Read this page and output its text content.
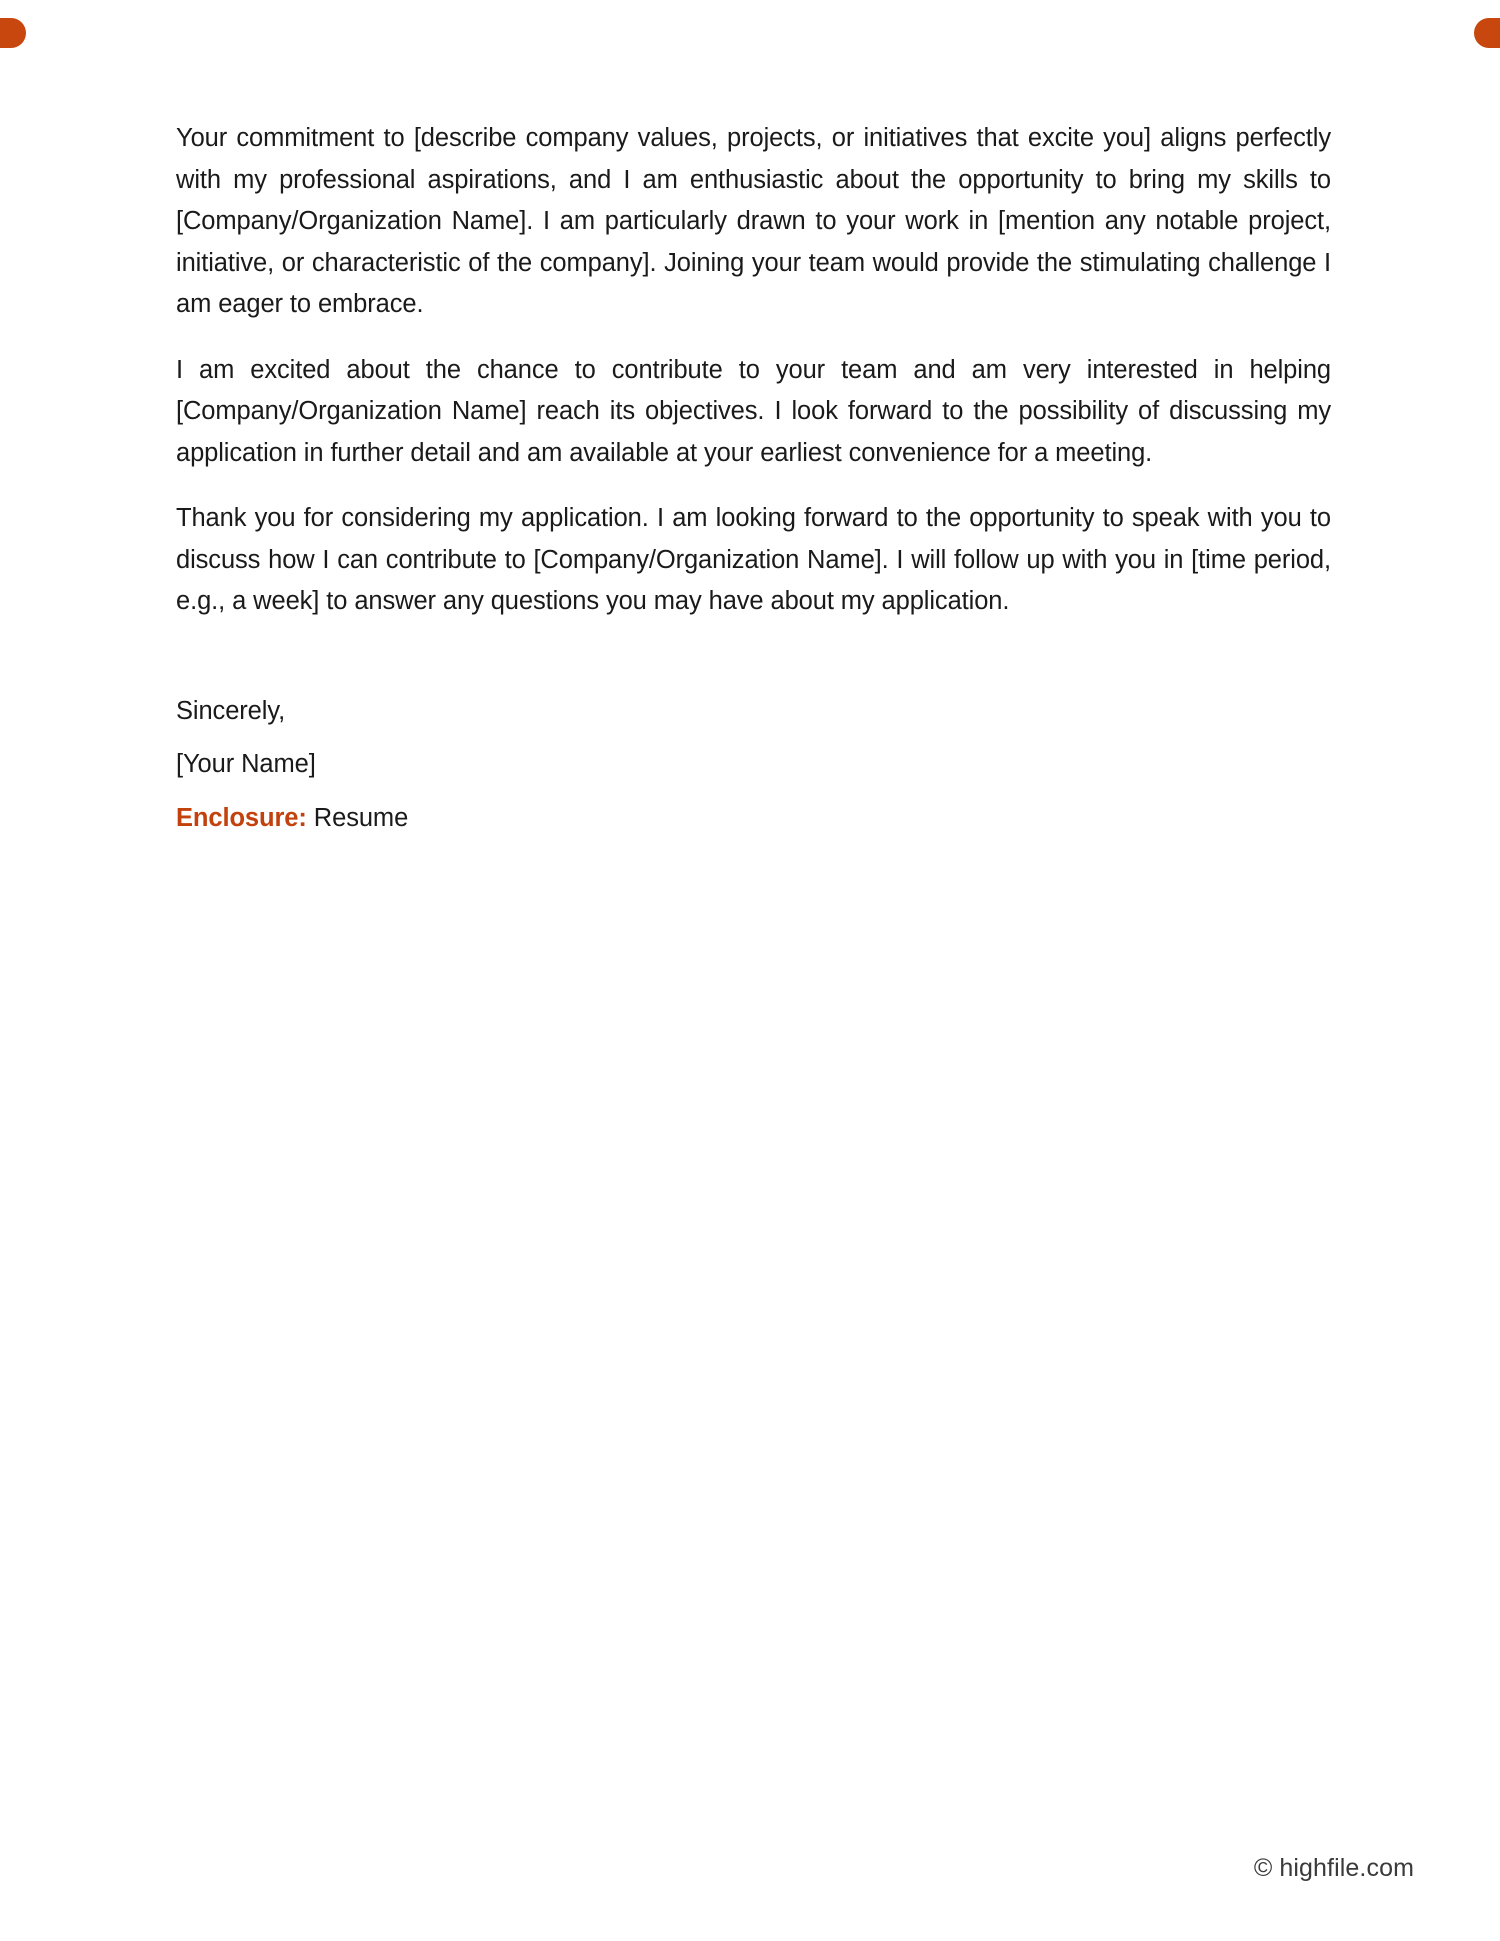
Your commitment to [describe company values, projects, or initiatives that excite you] aligns perfectly with my professional aspirations, and I am enthusiastic about the opportunity to bring my skills to [Company/Organization Name]. I am particularly drawn to your work in [mention any notable project, initiative, or characteristic of the company]. Joining your team would provide the stimulating challenge I am eager to embrace.

I am excited about the chance to contribute to your team and am very interested in helping [Company/Organization Name] reach its objectives. I look forward to the possibility of discussing my application in further detail and am available at your earliest convenience for a meeting.

Thank you for considering my application. I am looking forward to the opportunity to speak with you to discuss how I can contribute to [Company/Organization Name]. I will follow up with you in [time period, e.g., a week] to answer any questions you may have about my application.

Sincerely,

[Your Name]

Enclosure: Resume

© highfile.com
